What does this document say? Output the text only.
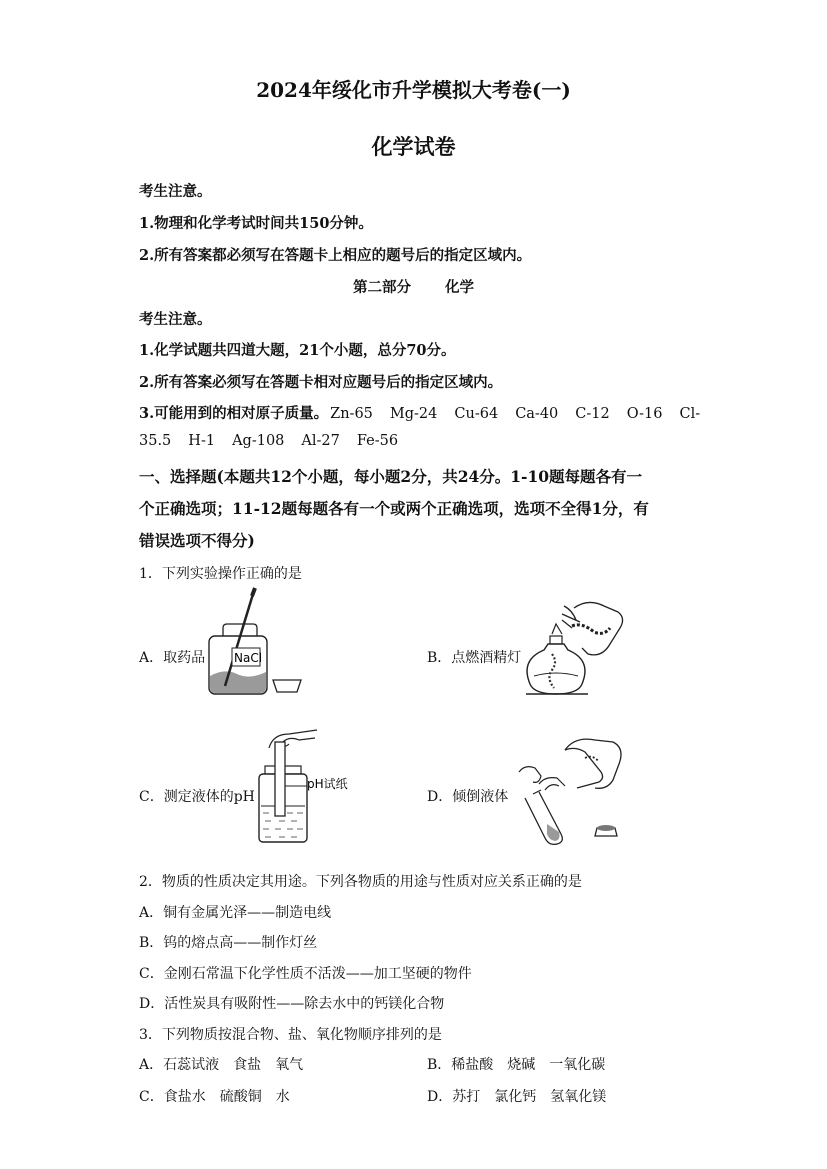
2024年绥化市升学模拟大考卷(一)
化学试卷
考生注意。
1.物理和化学考试时间共150分钟。
2.所有答案都必须写在答题卡上相应的题号后的指定区域内。
第二部分 化学
考生注意。
1.化学试题共四道大题，21个小题，总分70分。
2.所有答案必须写在答题卡相对应题号后的指定区域内。
3.可能用到的相对原子质量。 Zn-65 Mg-24 Cu-64 Ca-40 C-12 O-16 Cl-
35.5 H-1 Ag-108 Al-27 Fe-56
一、选择题(本题共12个小题，每小题2分，共24分。1-10题每题各有一
个正确选项；11-12题每题各有一个或两个正确选项，选项不全得1分，有
错误选项不得分)
1．下列实验操作正确的是
A．取药品 NaCl	B．点燃酒精灯
C．测定液体的pH
pH试纸
D．倾倒液体
2．物质的性质决定其用途。下列各物质的用途与性质对应关系正确的是
A．铜有金属光泽——制造电线
B．钨的熔点高——制作灯丝
C．金刚石常温下化学性质不活泼——加工坚硬的物件
D．活性炭具有吸附性——除去水中的钙镁化合物
3．下列物质按混合物、盐、氧化物顺序排列的是
A．石蕊试液 食盐 氧气	B．稀盐酸 烧碱 一氧化碳
C．食盐水 硫酸铜 水	D．苏打 氯化钙 氢氧化镁
